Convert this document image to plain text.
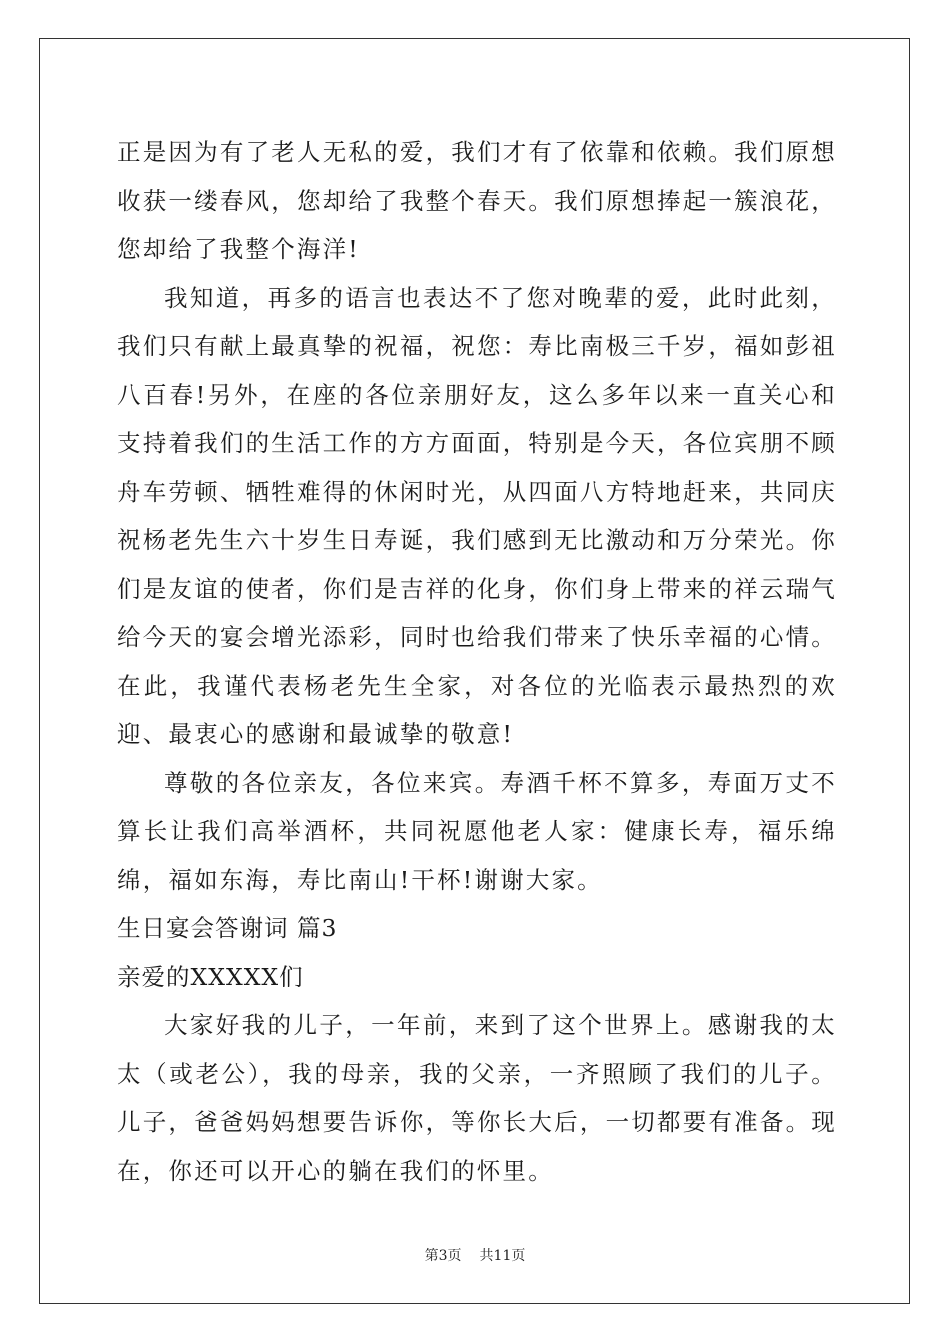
正是因为有了老人无私的爱，我们才有了依靠和依赖。我们原想收获一缕春风，您却给了我整个春天。我们原想捧起一簇浪花，您却给了我整个海洋!

我知道，再多的语言也表达不了您对晚辈的爱，此时此刻，我们只有献上最真挚的祝福，祝您：寿比南极三千岁，福如彭祖八百春!另外，在座的各位亲朋好友，这么多年以来一直关心和支持着我们的生活工作的方方面面，特别是今天，各位宾朋不顾舟车劳顿、牺牲难得的休闲时光，从四面八方特地赶来，共同庆祝杨老先生六十岁生日寿诞，我们感到无比激动和万分荣光。你们是友谊的使者，你们是吉祥的化身，你们身上带来的祥云瑞气给今天的宴会增光添彩，同时也给我们带来了快乐幸福的心情。在此，我谨代表杨老先生全家，对各位的光临表示最热烈的欢迎、最衷心的感谢和最诚挚的敬意!

尊敬的各位亲友，各位来宾。寿酒千杯不算多，寿面万丈不算长让我们高举酒杯，共同祝愿他老人家：健康长寿，福乐绵绵，福如东海，寿比南山!干杯!谢谢大家。

生日宴会答谢词 篇3

亲爱的XXXXX们

大家好我的儿子，一年前，来到了这个世界上。感谢我的太太（或老公），我的母亲，我的父亲，一齐照顾了我们的儿子。儿子，爸爸妈妈想要告诉你，等你长大后，一切都要有准备。现在，你还可以开心的躺在我们的怀里。

第3页 共11页
